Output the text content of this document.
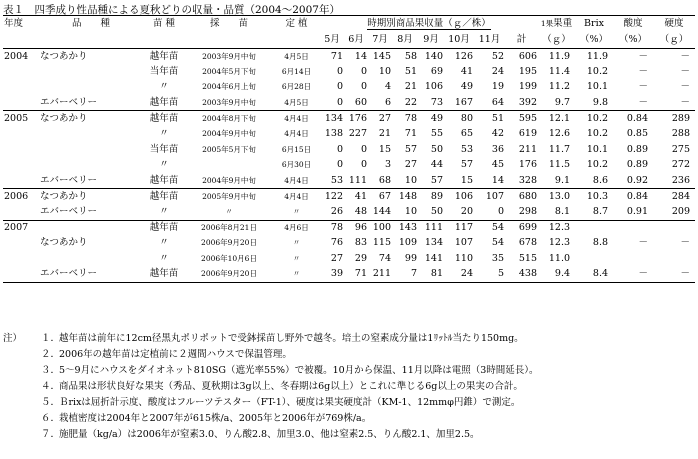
表１　四季成り性品種による夏秋どりの収量・品質（2004～2007年）
年度	品　　種	苗 種	採　　苗	定 植	時期別商品果収量（ｇ／株）								1果果重	Brix	酸度	硬度
					5月	6月	7月	8月	9月	10月	11月	計	（ｇ）	（%）	（%）	（ｇ）
2004	なつあかり	越年苗	2003年9月中旬	4月5日	71	14	145	58	140	126	52	606	11.9	11.9	－	－
		当年苗	2004年5月下旬	6月14日	0	0	10	51	69	41	24	195	11.4	10.2	－	－
		〃	2004年6月上旬	6月28日	0	0	4	21	106	49	19	199	11.2	10.1	－	－
	エバーベリー	越年苗	2003年9月中旬	4月5日	0	60	6	22	73	167	64	392	9.7	9.8	－	－
2005	なつあかり	越年苗	2004年8月下旬	4月4日	134	176	27	78	49	80	51	595	12.1	10.2	0.84	289
		〃	2004年9月中旬	4月4日	138	227	21	71	55	65	42	619	12.6	10.2	0.85	288
		当年苗	2005年5月下旬	6月15日	0	0	15	57	50	53	36	211	11.7	10.1	0.89	275
		〃		6月30日	0	0	3	27	44	57	45	176	11.5	10.2	0.89	272
	エバーベリー	越年苗	2004年9月中旬	4月4日	53	111	68	10	57	15	14	328	9.1	8.6	0.92	236
2006	なつあかり	越年苗	2005年9月中旬	4月4日	122	41	67	148	89	106	107	680	13.0	10.3	0.84	284
	エバーベリー	〃	〃	〃	26	48	144	10	50	20	0	298	8.1	8.7	0.91	209
2007		越年苗	2006年8月21日	4月6日	78	96	100	143	111	117	54	699	12.3			
	なつあかり	〃	2006年9月20日	〃	76	83	115	109	134	107	54	678	12.3	8.8	－	－
		〃	2006年10月6日	〃	27	29	74	99	141	110	35	515	11.0			
	エバーベリー	越年苗	2006年9月20日	〃	39	71	211	7	81	24	5	438	9.4	8.4	－	－
注）	１．
越年苗は前年に12cm径黒丸ポリポットで受鉢採苗し野外で越冬。培土の窒素成分量は1ﾘｯﾄﾙ当たり150mg。
２．
2006年の越年苗は定植前に２週間ハウスで保温管理。
３．
5～9月にハウスをダイオネット810SG（遮光率55%）で被覆。10月から保温、11月以降は電照（3時間延長）。
４．
商品果は形状良好な果実（秀品、夏秋期は3g以上、冬春期は6g以上）とこれに準じる6g以上の果実の合計。
５．
Ｂrixは屈折計示度、酸度はフルーツテスター（FT-1）、硬度は果実硬度計（KM-1、12mmφ円錐）で測定。
６．
栽植密度は2004年と2007年が615株/a、2005年と2006年が769株/a。
７．
施肥量（kg/a）は2006年が窒素3.0、りん酸2.8、加里3.0、他は窒素2.5、りん酸2.1、加里2.5。
